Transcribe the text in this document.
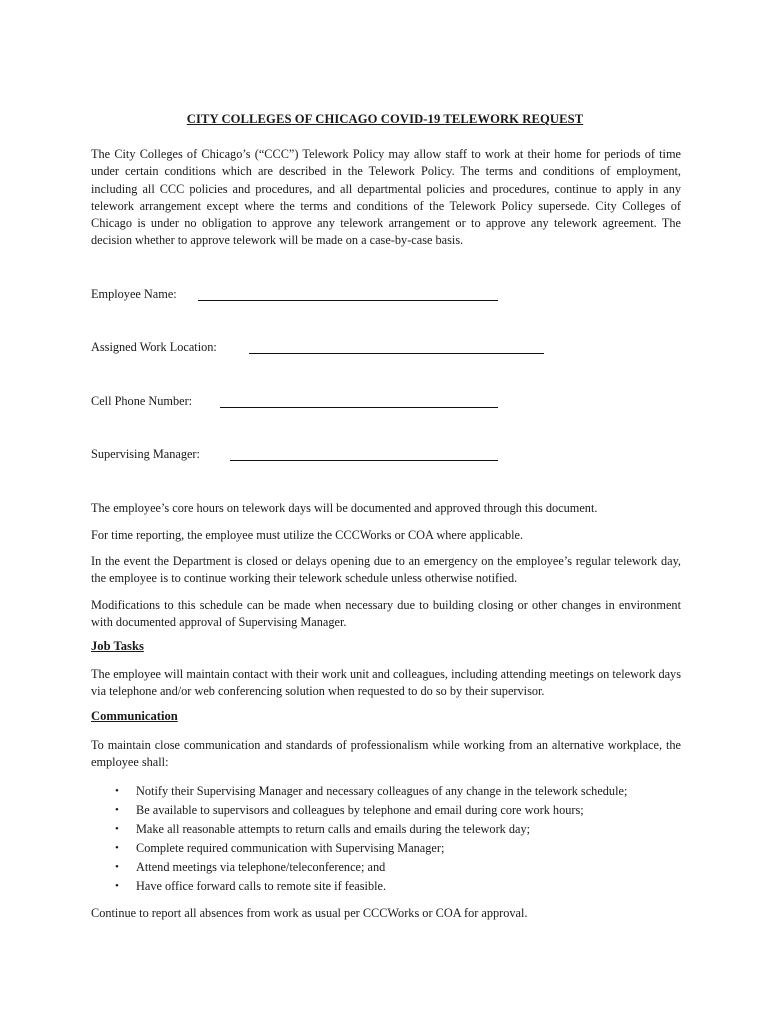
CITY COLLEGES OF CHICAGO COVID-19 TELEWORK REQUEST
The City Colleges of Chicago’s (“CCC”) Telework Policy may allow staff to work at their home for periods of time under certain conditions which are described in the Telework Policy. The terms and conditions of employment, including all CCC policies and procedures, and all departmental policies and procedures, continue to apply in any telework arrangement except where the terms and conditions of the Telework Policy supersede. City Colleges of Chicago is under no obligation to approve any telework arrangement or to approve any telework agreement. The decision whether to approve telework will be made on a case-by-case basis.
Employee Name:
Assigned Work Location:
Cell Phone Number:
Supervising Manager:
The employee’s core hours on telework days will be documented and approved through this document.
For time reporting, the employee must utilize the CCCWorks or COA where applicable.
In the event the Department is closed or delays opening due to an emergency on the employee’s regular telework day, the employee is to continue working their telework schedule unless otherwise notified.
Modifications to this schedule can be made when necessary due to building closing or other changes in environment with documented approval of Supervising Manager.
Job Tasks
The employee will maintain contact with their work unit and colleagues, including attending meetings on telework days via telephone and/or web conferencing solution when requested to do so by their supervisor.
Communication
To maintain close communication and standards of professionalism while working from an alternative workplace, the employee shall:
• Notify their Supervising Manager and necessary colleagues of any change in the telework schedule;
• Be available to supervisors and colleagues by telephone and email during core work hours;
• Make all reasonable attempts to return calls and emails during the telework day;
• Complete required communication with Supervising Manager;
• Attend meetings via telephone/teleconference; and
• Have office forward calls to remote site if feasible.
Continue to report all absences from work as usual per CCCWorks or COA for approval.
